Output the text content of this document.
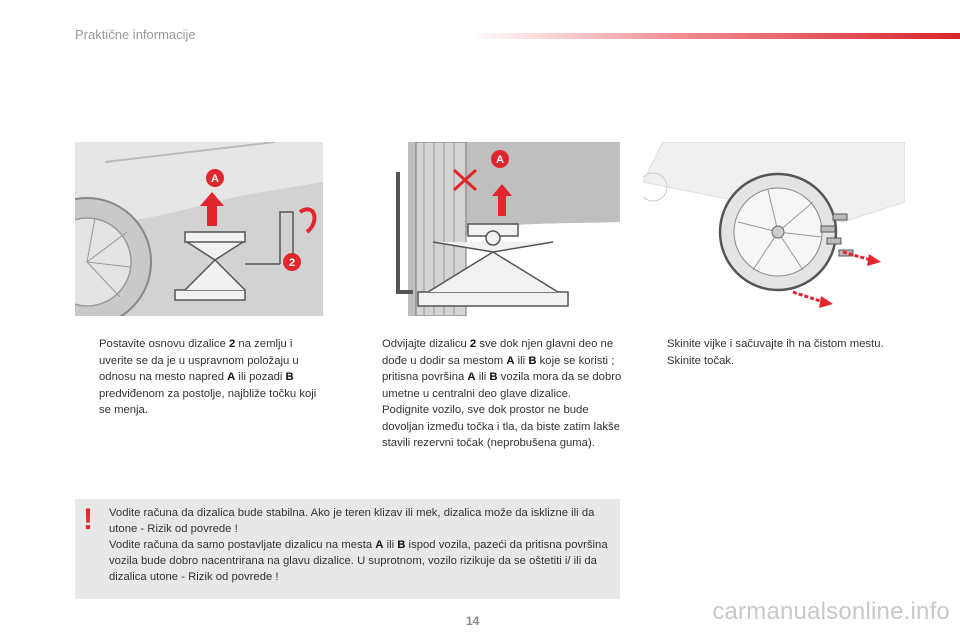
Praktične informacije
A
2
A
Postavite osnovu dizalice 2 na zemlju i uverite se da je u uspravnom položaju u odnosu na mesto napred A ili pozadi B predviđenom za postolje, najbliže točku koji se menja.
Odvijajte dizalicu 2 sve dok njen glavni deo ne dođe u dodir sa mestom A ili B koje se koristi ; pritisna površina A ili B vozila mora da se dobro umetne u centralni deo glave dizalice.
Podignite vozilo, sve dok prostor ne bude dovoljan između točka i tla, da biste zatim lakše stavili rezervni točak (neprobušena guma).
Skinite vijke i sačuvajte ih na čistom mestu.
Skinite točak.
! Vodite računa da dizalica bude stabilna. Ako je teren klizav ili mek, dizalica može da isklizne ili da utone - Rizik od povrede !
Vodite računa da samo postavljate dizalicu na mesta A ili B ispod vozila, pazeći da pritisna površina vozila bude dobro nacentrirana na glavu dizalice. U suprotnom, vozilo rizikuje da se oštetiti i/ ili da dizalica utone - Rizik od povrede !
14	carmanualsonline.info
